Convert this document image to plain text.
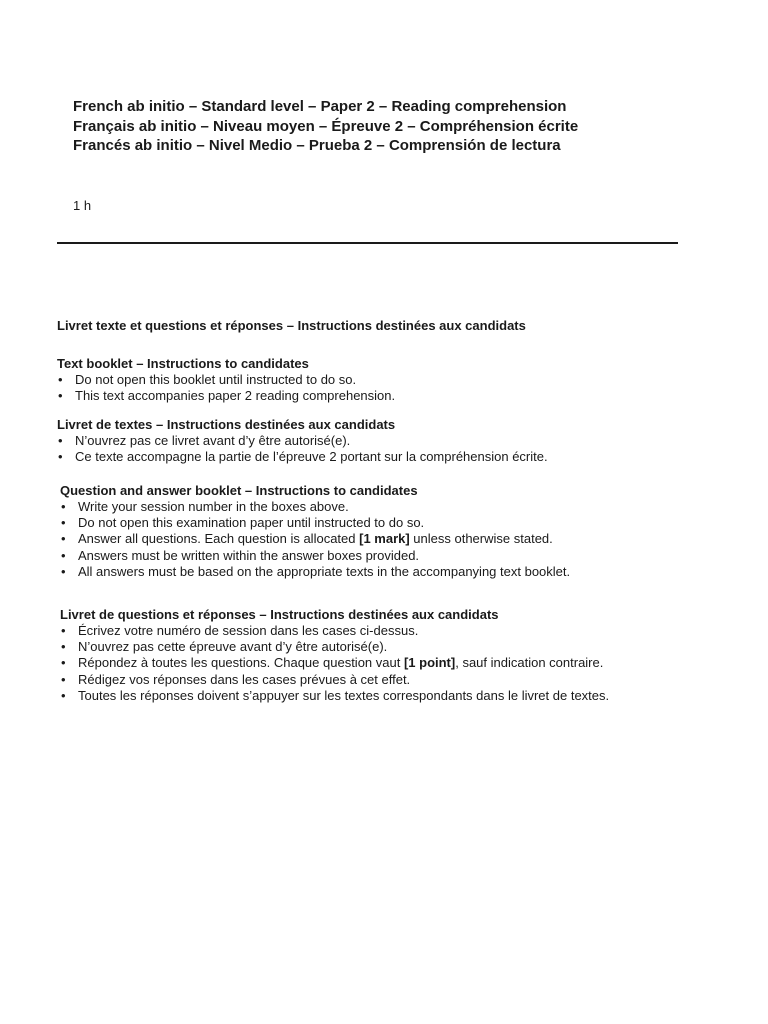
French ab initio – Standard level – Paper 2 – Reading comprehension
Français ab initio – Niveau moyen – Épreuve 2 – Compréhension écrite
Francés ab initio – Nivel Medio – Prueba 2 – Comprensión de lectura
1 h
Livret texte et questions et réponses – Instructions destinées aux candidats
Text booklet – Instructions to candidates
• Do not open this booklet until instructed to do so.
• This text accompanies paper 2 reading comprehension.
Livret de textes – Instructions destinées aux candidats
• N’ouvrez pas ce livret avant d’y être autorisé(e).
• Ce texte accompagne la partie de l’épreuve 2 portant sur la compréhension écrite.
Question and answer booklet – Instructions to candidates
• Write your session number in the boxes above.
• Do not open this examination paper until instructed to do so.
• Answer all questions. Each question is allocated [1 mark] unless otherwise stated.
• Answers must be written within the answer boxes provided.
• All answers must be based on the appropriate texts in the accompanying text booklet.
Livret de questions et réponses – Instructions destinées aux candidats
• Écrivez votre numéro de session dans les cases ci-dessus.
• N’ouvrez pas cette épreuve avant d’y être autorisé(e).
• Répondez à toutes les questions. Chaque question vaut [1 point], sauf indication contraire.
• Rédigez vos réponses dans les cases prévues à cet effet.
• Toutes les réponses doivent s’appuyer sur les textes correspondants dans le livret de textes.
